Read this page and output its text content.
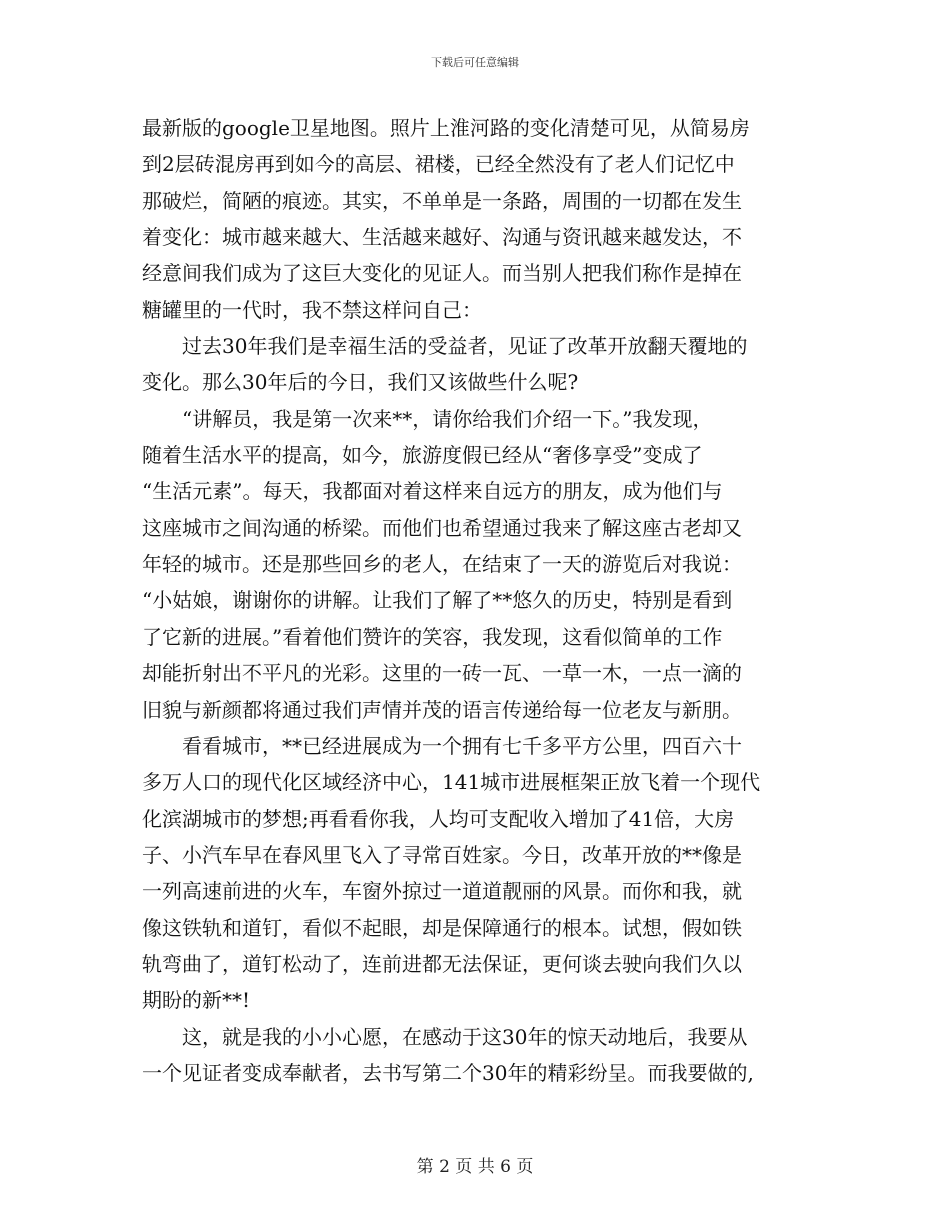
下载后可任意编辑
最新版的google卫星地图。照片上淮河路的变化清楚可见，从简易房
到2层砖混房再到如今的高层、裙楼，已经全然没有了老人们记忆中
那破烂，简陋的痕迹。其实，不单单是一条路，周围的一切都在发生
着变化：城市越来越大、生活越来越好、沟通与资讯越来越发达，不
经意间我们成为了这巨大变化的见证人。而当别人把我们称作是掉在
糖罐里的一代时，我不禁这样问自己：
　　过去30年我们是幸福生活的受益者，见证了改革开放翻天覆地的
变化。那么30年后的今日，我们又该做些什么呢?
　　“讲解员，我是第一次来**，请你给我们介绍一下。”我发现，
随着生活水平的提高，如今，旅游度假已经从“奢侈享受”变成了
“生活元素”。每天，我都面对着这样来自远方的朋友，成为他们与
这座城市之间沟通的桥梁。而他们也希望通过我来了解这座古老却又
年轻的城市。还是那些回乡的老人，在结束了一天的游览后对我说：
“小姑娘，谢谢你的讲解。让我们了解了**悠久的历史，特别是看到
了它新的进展。”看着他们赞许的笑容，我发现，这看似简单的工作
却能折射出不平凡的光彩。这里的一砖一瓦、一草一木，一点一滴的
旧貌与新颜都将通过我们声情并茂的语言传递给每一位老友与新朋。
　　看看城市，**已经进展成为一个拥有七千多平方公里，四百六十
多万人口的现代化区域经济中心，141城市进展框架正放飞着一个现代
化滨湖城市的梦想;再看看你我，人均可支配收入增加了41倍，大房
子、小汽车早在春风里飞入了寻常百姓家。今日，改革开放的**像是
一列高速前进的火车，车窗外掠过一道道靓丽的风景。而你和我，就
像这铁轨和道钉，看似不起眼，却是保障通行的根本。试想，假如铁
轨弯曲了，道钉松动了，连前进都无法保证，更何谈去驶向我们久以
期盼的新**!
　　这，就是我的小小心愿，在感动于这30年的惊天动地后，我要从
一个见证者变成奉献者，去书写第二个30年的精彩纷呈。而我要做的,
第 2 页 共 6 页
